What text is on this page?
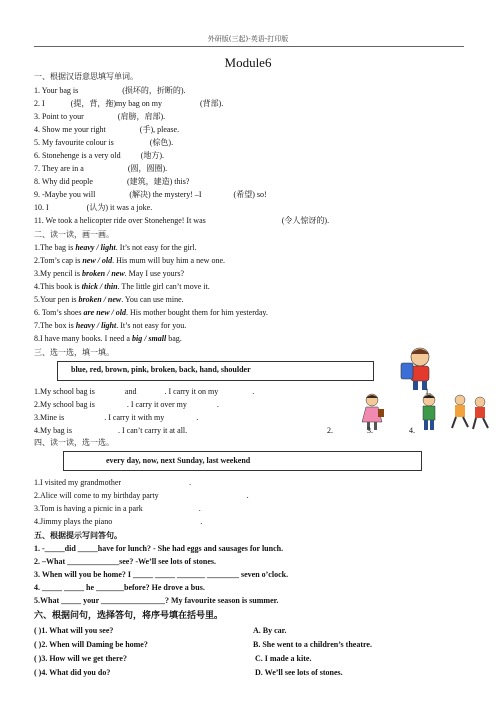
外研版(三起)-英语-打印版
Module6
一、根据汉语意思填写单词。
1. Your bag is	(损坏的，折断的).
2. I	(提，背，拖)my bag on my	(背部).
3. Point to your	(肩膀，肩部).
4. Show me your right	(手), please.
5. My favourite colour is	(棕色).
6. Stonehenge is a very old	(地方).
7. They are in a	(圆，圆圈).
8. Why did people	(建筑，建造) this?
9. -Maybe you will	(解决) the mystery! –I	(希望) so!
10. I	(认为) it was a joke.
11. We took a helicopter ride over Stonehenge! It was	(令人惊讶的).
二、读一读，画一画。
1.The bag is heavy / light. It’s not easy for the girl.
2.Tom’s cap is new / old. His mum will buy him a new one.
3.My pencil is broken / new. May I use yours?
4.This book is thick / thin. The little girl can’t move it.
5.Your pen is broken / new. You can use mine.
6. Tom’s shoes are new / old. His mother bought them for him yesterday.
7.The box is heavy / light. It’s not easy for you.
8.I have many books. I need a big / small bag.
三、选一选，填一填。
blue, red, brown, pink, broken, back, hand, shoulder
1.My school bag is	and	. I carry it on my	.
2.My school bag is	. I carry it over my	.
3.Mine is	. I carry it with my	.
4.My bag is	. I can’t carry it at all.
1.
2.	3.	4.
四、读一读，选一选。
every day, now, next Sunday, last weekend
1.I visited my grandmother	.
2.Alice will come to my birthday party	.
3.Tom is having a picnic in a park	.
4.Jimmy plays the piano	.
五、根据提示写问答句。
1. -_____did _____have for lunch? - She had eggs and sausages for lunch.
2. –What _____________see? -We’ll see lots of stones.
3. When will you be home? I _____ _____ _______ ________ seven o’clock.
4. _____ _____ he _______before? He drove a bus.
5.What _____ your ________________? My favourite season is summer.
六、根据问句，选择答句，将序号填在括号里。
( )1. What will you see?	A. By car.
( )2. When will Daming be home?	B. She went to a children’s theatre.
( )3. How will we get there?	C. I made a kite.
( )4. What did you do?	D. We’ll see lots of stones.
